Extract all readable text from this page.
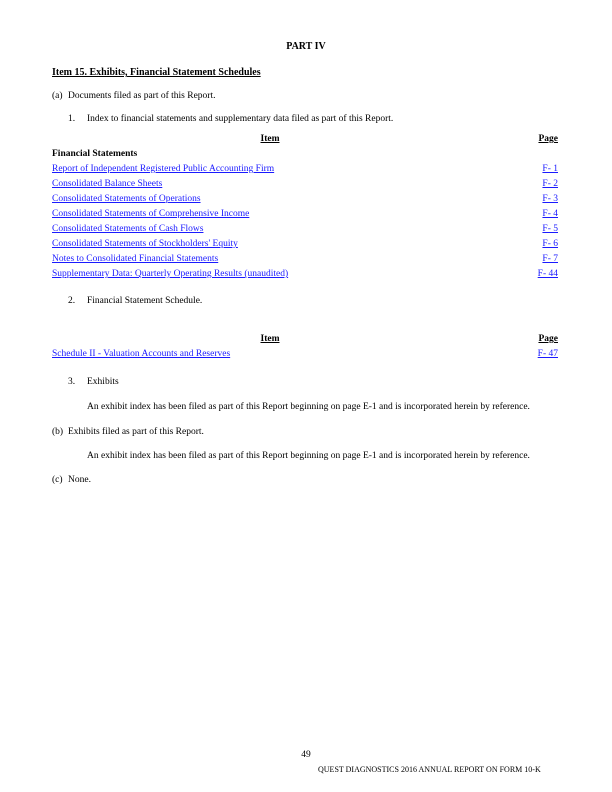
PART IV
Item 15. Exhibits, Financial Statement Schedules
(a) Documents filed as part of this Report.
1. Index to financial statements and supplementary data filed as part of this Report.
Item	Page
Financial Statements
Report of Independent Registered Public Accounting Firm	F- 1
Consolidated Balance Sheets	F- 2
Consolidated Statements of Operations	F- 3
Consolidated Statements of Comprehensive Income	F- 4
Consolidated Statements of Cash Flows	F- 5
Consolidated Statements of Stockholders' Equity	F- 6
Notes to Consolidated Financial Statements	F- 7
Supplementary Data: Quarterly Operating Results (unaudited)	F- 44
2. Financial Statement Schedule.
Item	Page
Schedule II - Valuation Accounts and Reserves	F- 47
3. Exhibits
An exhibit index has been filed as part of this Report beginning on page E-1 and is incorporated herein by reference.
(b) Exhibits filed as part of this Report.
An exhibit index has been filed as part of this Report beginning on page E-1 and is incorporated herein by reference.
(c) None.
49
QUEST DIAGNOSTICS 2016 ANNUAL REPORT ON FORM 10-K
